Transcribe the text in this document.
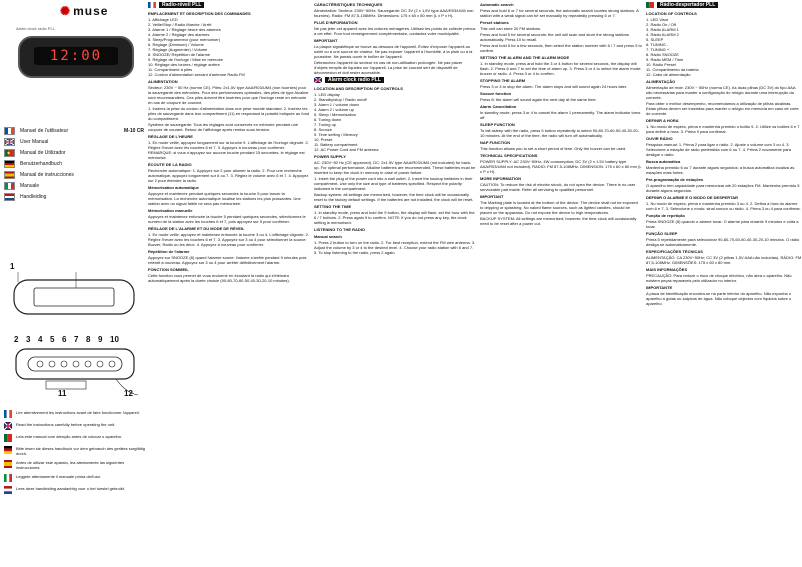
✺ muse
Alarm clock radio PLL
12:00
Manuel de l'utilisateur	M-10 CR
User Manual
Manual de Utilizador
Benutzerhandbuch
Manual de instrucciones
Manuale
Handleiding
1
2 3 4 5 6 7 8 9 10
11	12
Lire attentivement les instructions avant de faire fonctionner l'appareil.
Read the instructions carefully before operating the unit.
Leia este manual com atenção antes de colocar o aparelho.
Bitte lesen sie dieses handbuch vor dem gebrauch des gerätes sorgfältig durch.
Antes de utilizar este aparato, lea atentamente las siguientes instrucciones.
Leggete attentamente il manuale prima dell'uso.
Lees deze handleiding aandachtig voor u het toestel gebruikt.
Radio-réveil PLL
EMPLACEMENT ET DESCRIPTION DES COMMANDES
1. Affichage LED
2. Veille/Stop / Radio Marche / Arrêt
3. Alarme 1 / Réglage heure des alarmes
4. Alarme 2 / Réglage des alarmes
5. Sleep/Programmeur (pour mémoriser)
6. Réglage (Diminuer) / Volume
7. Réglage (Augmenter) / Volume
8. SNOOZE/ Répétition de l'alarme
9. Réglage de l'horloge / Mise en mémoire
10. Réglage des heures / réglage arrière
11. Compartiment à piles
12. Cordon d'alimentation servant d'antenne Radio FM
ALIMENTATION

Secteur: 230V ~ 50 Hz (norme CE). Piles: 2x1,5V type AAA/R03/UM4 (non fournies) pour la sauvegarde des mémoires. Pour des performances optimales, des piles de type Alcaline sont recommandées. Ces piles doivent être insérées pour que l'horloge reste en mémoire en cas de coupure de courant.

1. Insérez la prise du cordon d'alimentation dans une prise murale standard. 2. Insérez les piles de sauvegarde dans leur compartiment (11) en respectant la polarité indiquée au fond du compartiment.

Système de sauvegarde: Tous les réglages sont conservés en mémoire pendant une coupure de courant. Retour de l'affichage après remise sous tension.

RÉGLAGE DE L'HEURE

1. En mode veille, appuyez longuement sur la touche 9. L'affichage de l'horloge clignote. 2. Réglez l'heure avec les touches 6 et 7. 3. Appuyez à nouveau pour confirmer. REMARQUE: si vous n'appuyez sur aucune touche pendant 15 secondes, le réglage est mémorisé.

ÉCOUTE DE LA RADIO

Recherche automatique: 1. Appuyez sur 2 pour allumer la radio. 2. Pour une recherche automatique, appuyez longuement sur 6 ou 7. 3. Réglez le volume avec 6 et 7. 4. Appuyez sur 2 pour éteindre la radio.

Mémorisation automatique

Appuyez et maintenez pendant quelques secondes la touche 5 pour lancer la mémorisation. La recherche automatique localise les stations les plus puissantes. Une station avec un signal faible ne sera pas mémorisée.

Mémorisation manuelle

Appuyez et maintenez enfoncée la touche 5 pendant quelques secondes, sélectionnez le numéro de la station avec les touches 6 et 7, puis appuyez sur 5 pour confirmer.

RÉGLAGE DE L'ALARME ET DU MODE DE RÉVEIL

1. En mode veille, appuyez et maintenez enfoncée la touche 3 ou 4. L'affichage clignote. 2. Réglez l'heure avec les touches 6 et 7. 3. Appuyez sur 3 ou 4 pour sélectionner la source: Buzzer, Radio ou les deux. 4. Appuyez à nouveau pour confirmer.

Répétition de l'alarme

Appuyez sur SNOOZE (8) quand l'alarme sonne: l'alarme s'arrête pendant 9 minutes puis retentit à nouveau. Appuyez sur 3 ou 4 pour arrêter définitivement l'alarme.

FONCTION SOMMEIL

Cette fonction vous permet de vous endormir en écoutant la radio qui s'éteindra automatiquement après la durée choisie (90-80-70-60-50-40-30-20-10 minutes).

CARACTÉRISTIQUES TECHNIQUES

Alimentation: Secteur: 230V~50Hz; Sauvegarde: DC 3V (2 x 1,5V type AAA/R03/UM4 non fournies). Radio: FM 87,5-108MHz. Dimensions: 175 x 60 x 80 mm (L x P x H).

PLUS D'INFORMATION

Ne pas jeter cet appareil avec les ordures ménagères. Utilisez les points de collecte prévus à cet effet. Pour tout renseignement complémentaire, contactez votre municipalité.

IMPORTANT

La plaque signalétique se trouve au-dessous de l'appareil. Évitez d'exposer l'appareil au soleil ou à une source de chaleur. Ne pas exposer l'appareil à l'humidité, à la pluie ou à la poussière. Ne jamais ouvrir le boîtier de l'appareil.

Débranchez l'appareil du secteur en cas de non-utilisation prolongée. Ne pas placer d'objets remplis de liquides sur l'appareil. La prise de courant sert de dispositif de déconnexion et doit rester accessible.

Alarm clock radio PLL
LOCATION AND DESCRIPTION OF CONTROLS
1. LED display
2. Standby/stop / Radio on/off
3. Alarm 1 / volume down
4. Alarm 2 / volume up
5. Sleep / Memorisation
6. Tuning down
7. Tuning up
8. Snooze
9. Time setting / Memory
10. Preset
11. Battery compartment
12. AC Power Cord and FM antenna
POWER SUPPLY

AC: 230V~50 Hz (CE approved). DC: 2x1.5V type AAA/R03/UM4 (not included) for back-up. For optimal performance, Alkaline batteries are recommended. These batteries must be inserted to keep the clock in memory in case of power failure.

1. Insert the plug of the power cord into a wall outlet. 2. Insert the backup batteries in their compartment. Use only the size and type of batteries specified. Respect the polarity indicated in the compartment.

Backup system: all settings are memorized, however, the time clock will be occasionally reset to the factory default settings. If the batteries are not installed, the clock will be reset.

SETTING THE TIME

1. In standby mode, press and hold the 9 button, the display will flash, set the hour with the 6 / 7 buttons. 2. Press again 9 to confirm. NOTE: if you do not press any key, the clock setting is memorised.

LISTENING TO THE RADIO
Manual search

1. Press 2 button to turn on the radio. 2. For best reception, extend the FM wire antenna. 3. Adjust the volume by 3 or 4 to the desired level. 4. Choose your radio station with 6 and 7. 5. To stop listening to the radio, press 2 again.

Automatic search

Press and hold 6 or 7 for several seconds, the automatic search locates strong stations. A station with a weak signal can be set manually by repeatedly pressing 6 or 7.

Preset stations

This unit can store 20 FM stations.

Press and hold 5 for several seconds: the unit will scan and store the strong stations automatically. Press 10 to recall.

Press and hold 5 for a few seconds, then select the station number with 6 / 7 and press 5 to confirm.

SETTING THE ALARM AND THE ALARM MODE

1. In standby mode, press and hold the 3 or 4 button for several seconds, the display will flash. 2. Press 6 and 7 to set the time of alarm up. 3. Press 3 or 4 to select the alarm mode: buzzer or radio. 4. Press 3 or 4 to confirm.

STOPPING THE ALARM

Press 3 or 4 to stop the alarm. The alarm stops and will sound again 24 hours later.

Snooze function

Press 8: the alarm will sound again the next day at the same time.

Alarm Cancellation

In standby mode, press 3 or 4 to cancel the alarm 1 permanently. The alarm indicator turns off.

SLEEP FUNCTION

To fall asleep with the radio, press 5 button repeatedly to select 90-80-70-60-50-40-30-20-10 minutes. At the end of the time, the radio will turn off automatically.

NAP FUNCTION

This function allows you to set a short period of time. Only the buzzer can be used.

TECHNICAL SPECIFICATIONS

POWER SUPPLY: AC 230V~50Hz, 4W consumption; DC 3V (2 x 1.5V battery type AAA/R03/UM4 not included). RADIO: FM 87.5-108MHz. DIMENSION: 175 x 60 x 80 mm (L x P x H).

MORE INFORMATION

CAUTION: To reduce the risk of electric shock, do not open the device. There is no user serviceable part inside. Refer all servicing to qualified personnel.

IMPORTANT

The Marking plate is located at the bottom of the device. The device shall not be exposed to dripping or splashing. No naked flame sources, such as lighted candles, should be placed on the apparatus. Do not expose the device to high temperatures.

BACKUP SYSTEM: All settings are memorised; however, the time clock will occasionally need to be reset after a power cut.

Rádio-despertador PLL
LOCATION OF CONTROLS
1. LED Visor
2. Rádio On / Off
3. Rádio ALARM 1
4. Rádio ALARM 2
5. SLEEP
6. TUNING -
7. TUNING +
8. Rádio SNOOZE
9. Rádio MEM / Time
10. Rádio Preset
11. Compartimento da bateria
12. Cabo de alimentação
ALIMENTAÇÃO

Alimentação de rede: 230V ~ 50Hz (norma CE). As duas pilhas (DC 3V) do tipo AAA são necessárias para manter a configuração do relógio durante uma interrupção da corrente.

Para obter o melhor desempenho, recomendamos a utilização de pilhas alcalinas. Estas pilhas devem ser inseridas para manter o relógio em memória em caso de corte de corrente.

DEFINIR A HORA

1. No modo de espera, prima e mantenha premido o botão 9. 2. Utilize os botões 6 e 7 para definir a hora. 3. Prima 9 para confirmar.

OUVIR RÁDIO

Pesquisa manual: 1. Prima 2 para ligar o rádio. 2. Ajuste o volume com 3 ou 4. 3. Seleccione a estação de rádio pretendida com 6 ou 7. 4. Prima 2 novamente para desligar o rádio.

Busca automática

Mantenha premido 6 ou 7 durante alguns segundos: a busca automática localiza as estações mais fortes.

Pré-programação de estações

O aparelho tem capacidade para memorizar até 20 estações FM. Mantenha premido 5 durante alguns segundos.

DEFINIR O ALARME E O MODO DE DESPERTAR

1. No modo de espera, prima e mantenha premido 3 ou 4. 2. Defina a hora do alarme com 6 e 7. 3. Seleccione o modo: sinal sonoro ou rádio. 4. Prima 3 ou 4 para confirmar.

Função de repetição

Prima SNOOZE (8) quando o alarme tocar. O alarme pára durante 9 minutos e volta a tocar.

FUNÇÃO SLEEP

Prima 5 repetidamente para seleccionar 90-80-70-60-50-40-30-20-10 minutos. O rádio desliga-se automaticamente.

ESPECIFICAÇÕES TÉCNICAS

ALIMENTAÇÃO: CA 230V~50Hz; CC 3V (2 pilhas 1,5V AAA não incluídas). RÁDIO: FM 87,5-108MHz. DIMENSÕES: 175 x 60 x 80 mm.

MAIS INFORMAÇÕES

PRECAUÇÃO: Para reduzir o risco de choque eléctrico, não abra o aparelho. Não existem peças reparáveis pelo utilizador no interior.

IMPORTANTE

A placa de identificação encontra-se na parte inferior do aparelho. Não exponha o aparelho a gotas ou salpicos de água. Não coloque objectos com líquidos sobre o aparelho.
